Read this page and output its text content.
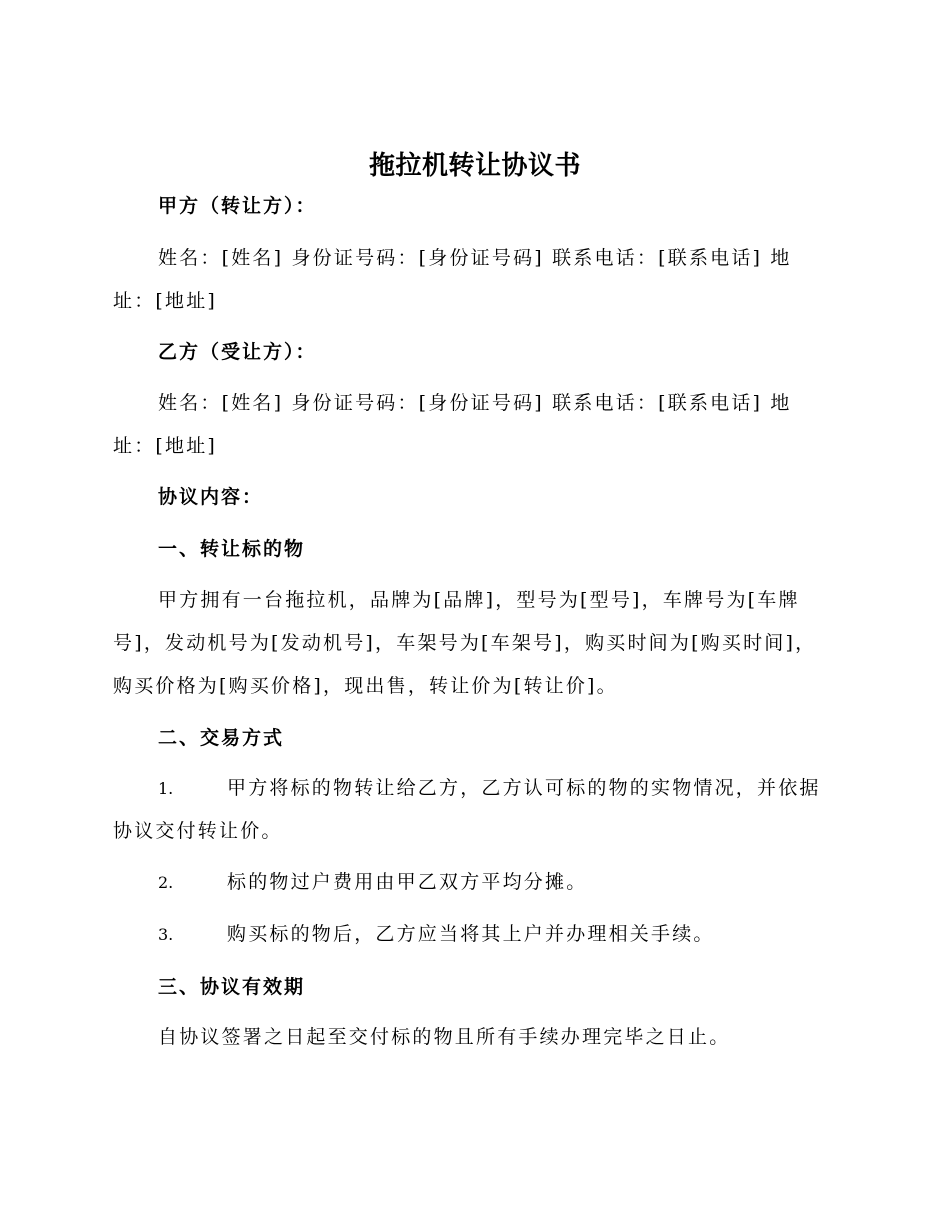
拖拉机转让协议书
甲方（转让方）：
姓名：[姓名] 身份证号码：[身份证号码] 联系电话：[联系电话] 地址：[地址]
乙方（受让方）：
姓名：[姓名] 身份证号码：[身份证号码] 联系电话：[联系电话] 地址：[地址]
协议内容：
一、转让标的物
甲方拥有一台拖拉机，品牌为[品牌]，型号为[型号]，车牌号为[车牌号]，发动机号为[发动机号]，车架号为[车架号]，购买时间为[购买时间]，购买价格为[购买价格]，现出售，转让价为[转让价]。
二、交易方式
1.	甲方将标的物转让给乙方，乙方认可标的物的实物情况，并依据协议交付转让价。
2.	标的物过户费用由甲乙双方平均分摊。
3.	购买标的物后，乙方应当将其上户并办理相关手续。
三、协议有效期
自协议签署之日起至交付标的物且所有手续办理完毕之日止。
